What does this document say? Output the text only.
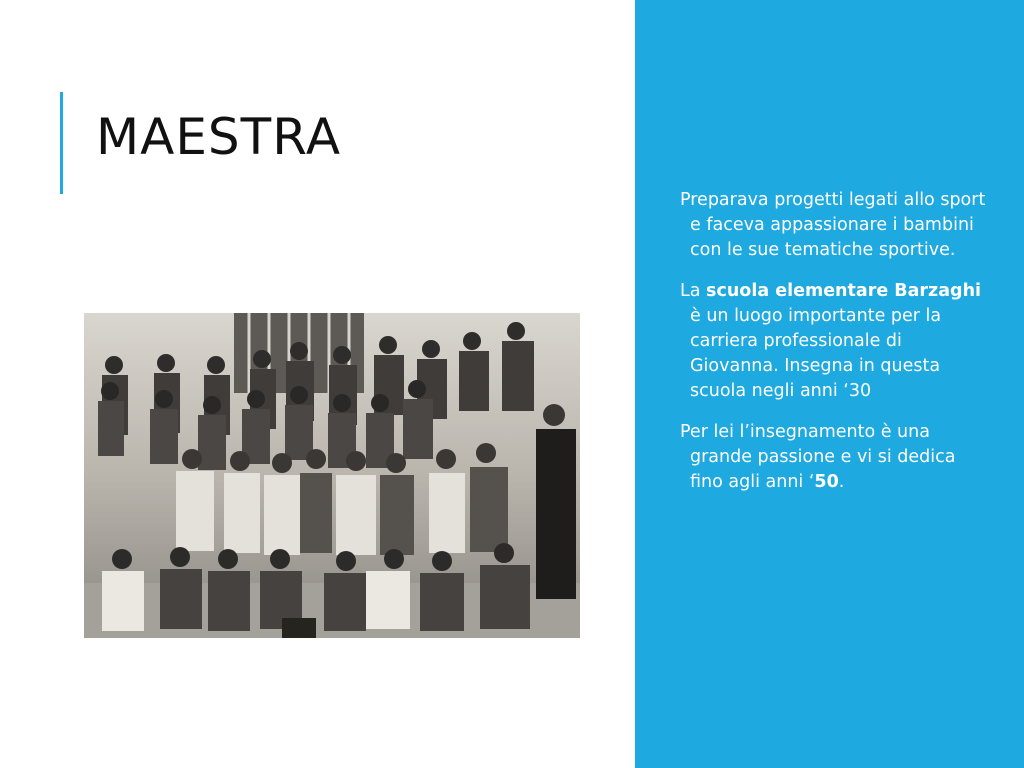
MAESTRA

Preparava progetti legati allo sport e faceva appassionare i bambini con le sue tematiche sportive.

La scuola elementare Barzaghi è un luogo importante per la carriera professionale di Giovanna. Insegna in questa scuola negli anni ‘30

Per lei l’insegnamento è una grande passione e vi si dedica fino agli anni ‘50.
